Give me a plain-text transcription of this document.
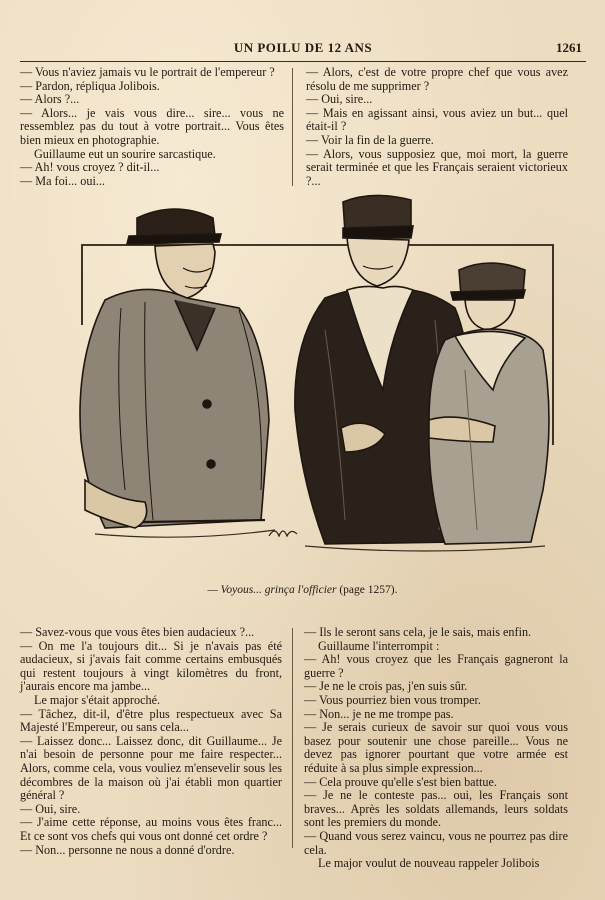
UN POILU DE 12 ANS	1261

— Vous n'aviez jamais vu le portrait de l'empereur ?

— Pardon, répliqua Jolibois.

— Alors ?...

— Alors... je vais vous dire... sire... vous ne ressemblez pas du tout à votre portrait... Vous êtes bien mieux en photographie.

Guillaume eut un sourire sarcastique.

— Ah! vous croyez ? dit-il...

— Ma foi... oui...

— Alors, c'est de votre propre chef que vous avez résolu de me supprimer ?

— Oui, sire...

— Mais en agissant ainsi, vous aviez un but... quel était-il ?

— Voir la fin de la guerre.

— Alors, vous supposiez que, moi mort, la guerre serait terminée et que les Français seraient victorieux ?...

— Voyous... grinça l'officier (page 1257).

— Savez-vous que vous êtes bien audacieux ?...

— On me l'a toujours dit... Si je n'avais pas été audacieux, si j'avais fait comme certains embusqués qui restent toujours à vingt kilomètres du front, j'aurais encore ma jambe...

Le major s'était approché.

— Tâchez, dit-il, d'être plus respectueux avec Sa Majesté l'Empereur, ou sans cela...

— Laissez donc... Laissez donc, dit Guillaume... Je n'ai besoin de personne pour me faire respecter... Alors, comme cela, vous vouliez m'ensevelir sous les décombres de la maison où j'ai établi mon quartier général ?

— Oui, sire.

— J'aime cette réponse, au moins vous êtes franc... Et ce sont vos chefs qui vous ont donné cet ordre ?

— Non... personne ne nous a donné d'ordre.

— Ils le seront sans cela, je le sais, mais enfin.

Guillaume l'interrompit :

— Ah! vous croyez que les Français gagneront la guerre ?

— Je ne le crois pas, j'en suis sûr.

— Vous pourriez bien vous tromper.

— Non... je ne me trompe pas.

— Je serais curieux de savoir sur quoi vous vous basez pour soutenir une chose pareille... Vous ne devez pas ignorer pourtant que votre armée est réduite à sa plus simple expression...

— Cela prouve qu'elle s'est bien battue.

— Je ne le conteste pas... oui, les Français sont braves... Après les soldats allemands, leurs soldats sont les premiers du monde.

— Quand vous serez vaincu, vous ne pourrez pas dire cela.

Le major voulut de nouveau rappeler Jolibois
